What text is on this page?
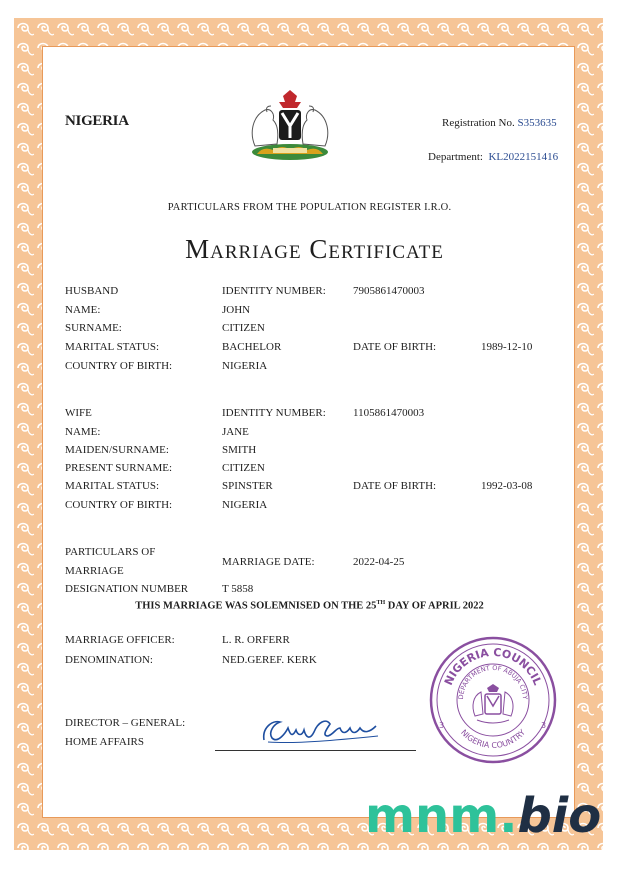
NIGERIA	Registration No. S353635
Department: KL2022151416
PARTICULARS FROM THE POPULATION REGISTER I.R.O.
Marriage Certificate
HUSBAND	IDENTITY NUMBER: 7905861470003
NAME:	JOHN
SURNAME:	CITIZEN
MARITAL STATUS:	BACHELOR	DATE OF BIRTH:	1989-12-10
COUNTRY OF BIRTH:	NIGERIA
WIFE	IDENTITY NUMBER: 1105861470003
NAME:	JANE
MAIDEN/SURNAME:	SMITH
PRESENT SURNAME:	CITIZEN
MARITAL STATUS:	SPINSTER	DATE OF BIRTH:	1992-03-08
COUNTRY OF BIRTH:	NIGERIA
PARTICULARS OF
MARRIAGE
MARRIAGE DATE:	2022-04-25
DESIGNATION NUMBER	T 5858
THIS MARRIAGE WAS SOLEMNISED ON THE 25TH DAY OF APRIL 2022
MARRIAGE OFFICER:	L. R. ORFERR
DENOMINATION:	NED.GEREF. KERK
DIRECTOR – GENERAL:
HOME AFFAIRS
NIGERIA COUNCIL
DEPARTMENT OF ABUJA CITY
NIGERIA COUNTRY
3	3
mnm.bio
